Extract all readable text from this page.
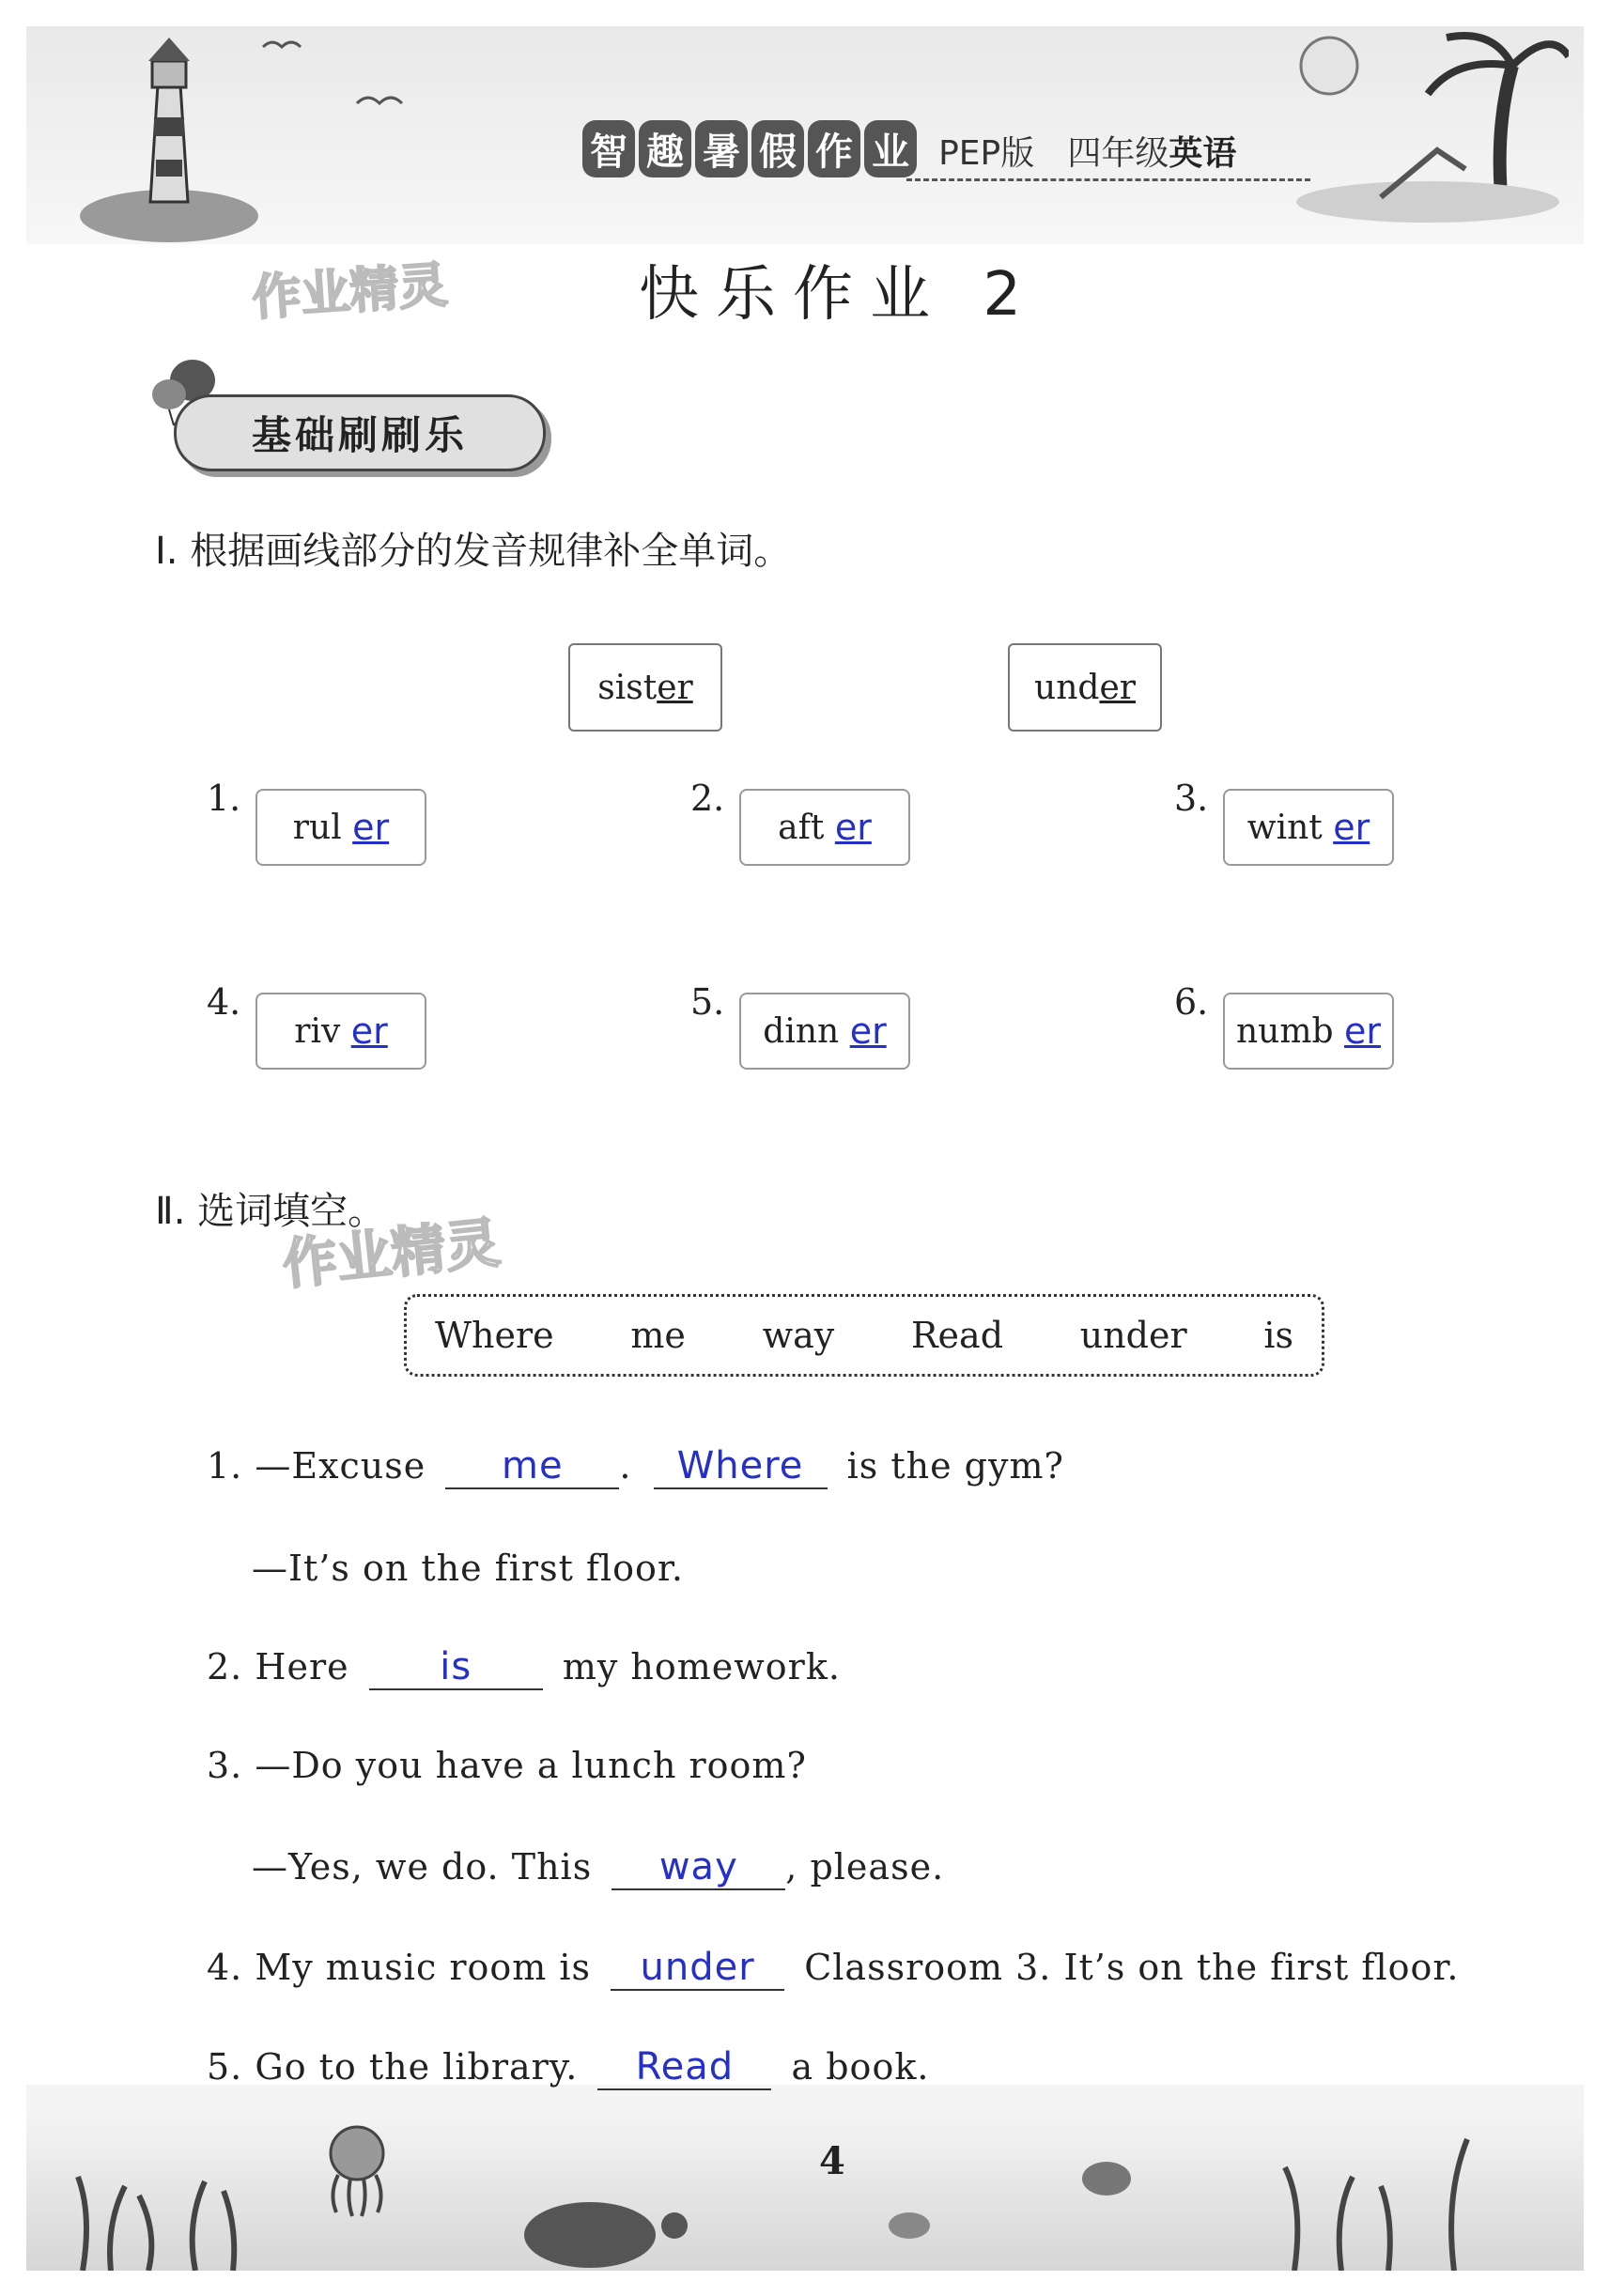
智 趣 暑 假 作 业 PEP版 四年级英语
作业精灵	快乐作业 2
基础刷刷乐
Ⅰ. 根据画线部分的发音规律补全单词。
sist er	und er
1.
rul
er
2.
aft
er
3.
wint
er
4.
riv
er
5.
dinn
er
6.
numb
er
Ⅱ. 选词填空。
作业精灵
Where me way Read under is
1. —Excuse me . Where is the gym?
—It’s on the first floor.
2. Here is	my homework.
3. —Do you have a lunch room?
—Yes, we do. This way , please.
4. My music room is under Classroom 3. It’s on the first floor.
5. Go to the library. Read a book.
4
